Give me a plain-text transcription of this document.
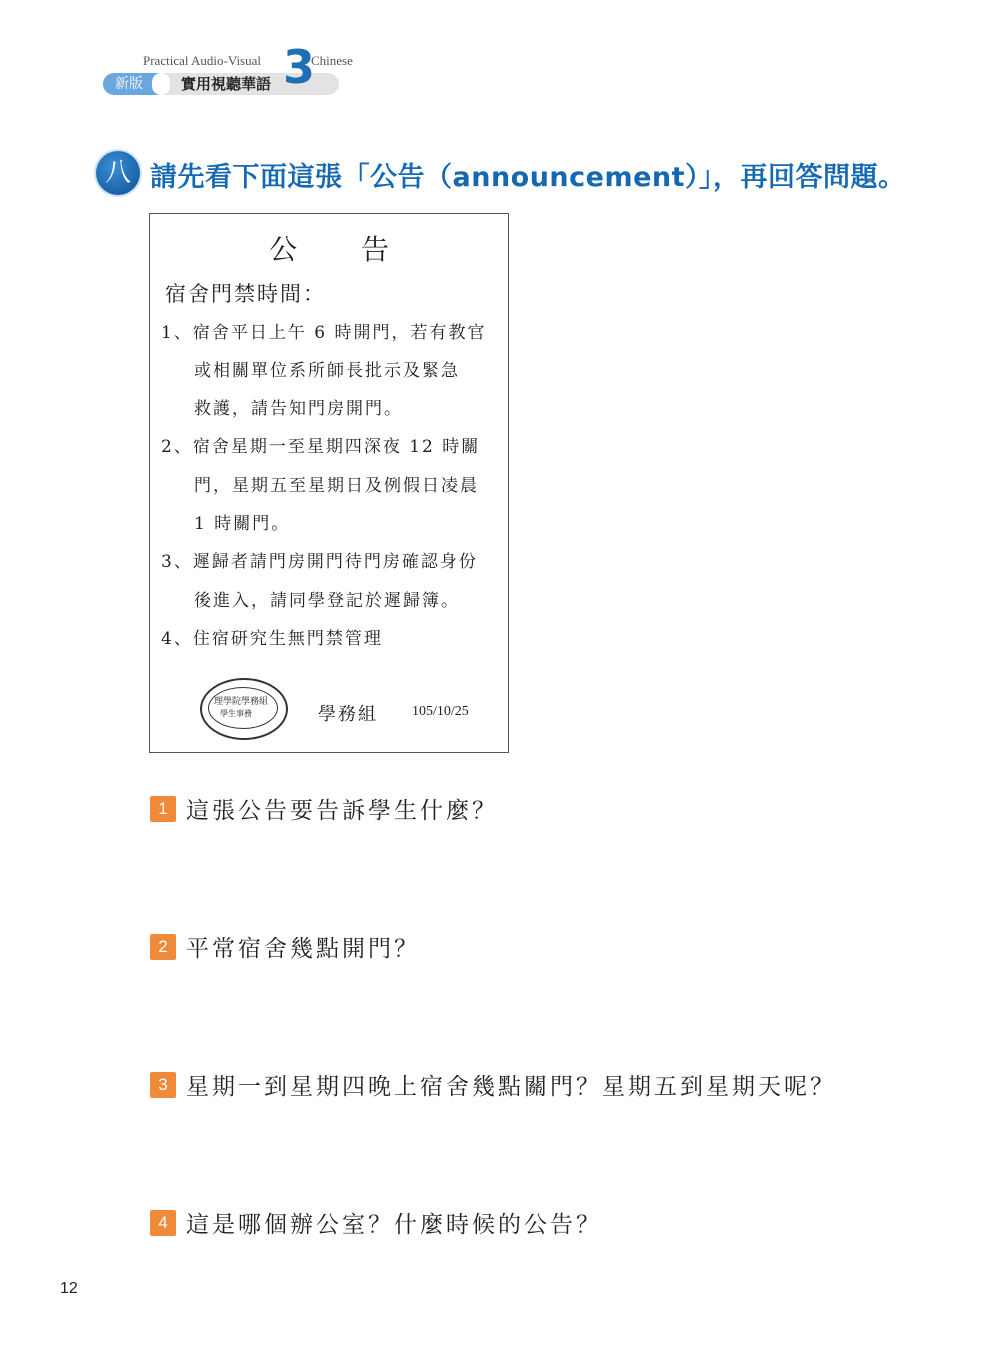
Practical Audio-Visual	Chinese
新版	實用視聽華語 3
八 請先看下面這張「公告（announcement）」，再回答問題。
公告
宿舍門禁時間：
1、宿舍平日上午 6 時開門，若有教官
或相關單位系所師長批示及緊急
救護，請告知門房開門。
2、宿舍星期一至星期四深夜 12 時關
門，星期五至星期日及例假日凌晨
1 時關門。
3、遲歸者請門房開門待門房確認身份
後進入，請同學登記於遲歸簿。
4、住宿研究生無門禁管理
理學院學務組
學生事務	學務組 105/10/25
1 這張公告要告訴學生什麼？
2 平常宿舍幾點開門？
3 星期一到星期四晚上宿舍幾點關門？星期五到星期天呢？
4 這是哪個辦公室？什麼時候的公告？
12
